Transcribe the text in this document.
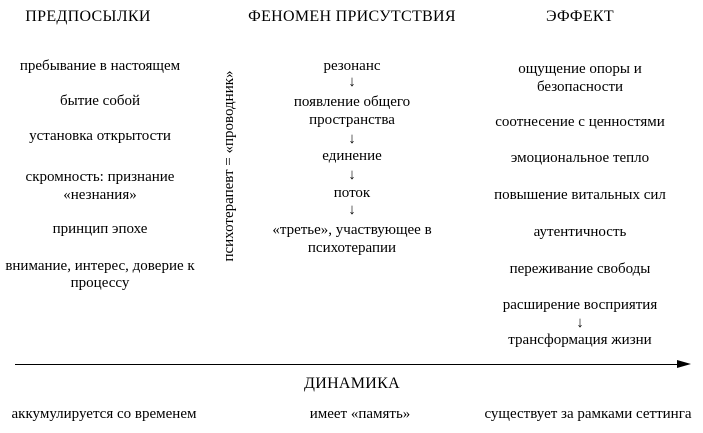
ПРЕДПОСЫЛКИ	ФЕНОМЕН ПРИСУТСТВИЯ	ЭФФЕКТ
пребывание в настоящем
бытие собой
установка открытости
скромность: признание «незнания»
принцип эпохе
внимание, интерес, доверие к процессу
психотерапевт = «проводник»
резонанс
↓
появление общего пространства
↓
единение
↓
поток
↓
«третье», участвующее в психотерапии
ощущение опоры и безопасности
соотнесение с ценностями
эмоциональное тепло
повышение витальных сил
аутентичность
переживание свободы
расширение восприятия
↓
трансформация жизни
ДИНАМИКА
аккумулируется со временем	имеет «память»	существует за рамками сеттинга
